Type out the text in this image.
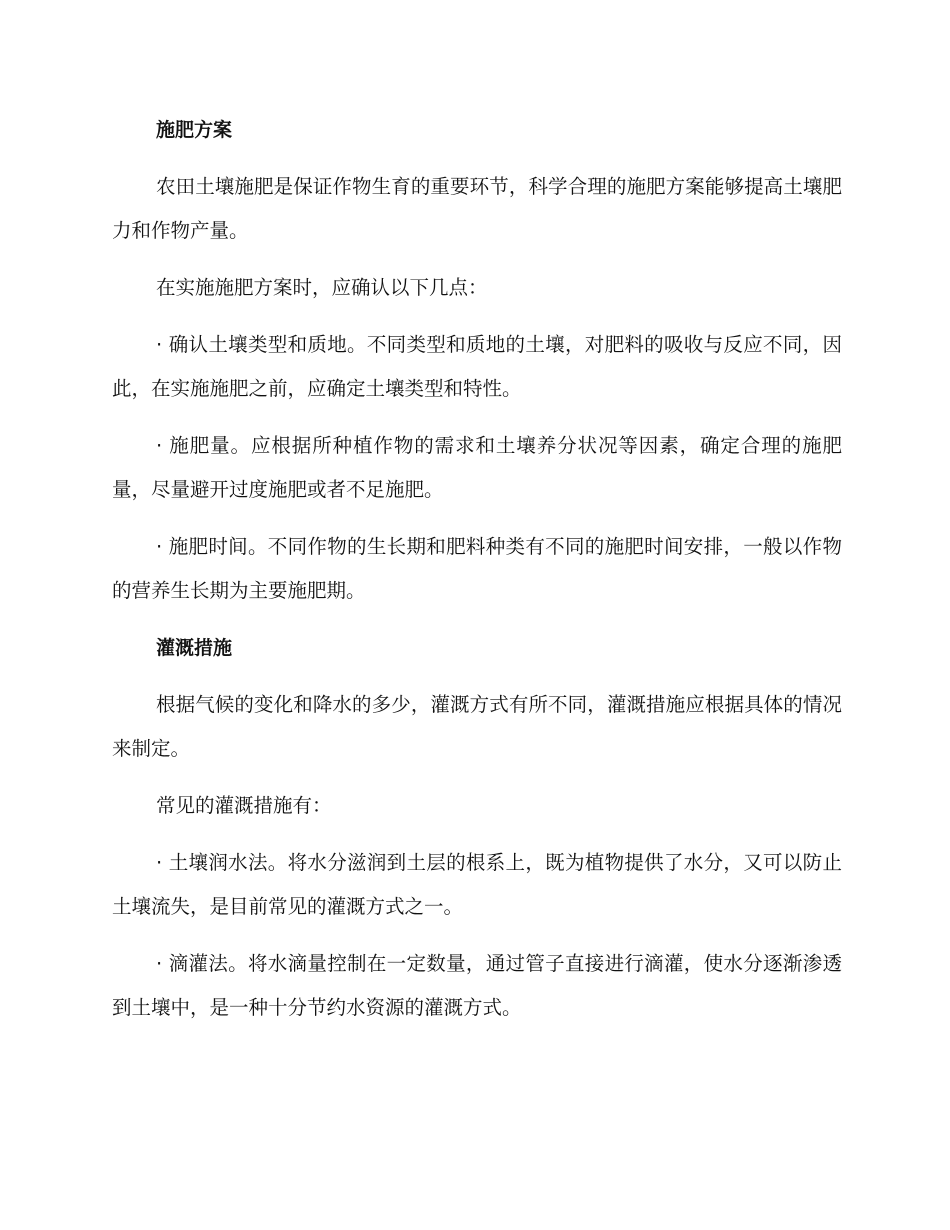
施肥方案

农田土壤施肥是保证作物生育的重要环节，科学合理的施肥方案能够提高土壤肥力和作物产量。

在实施施肥方案时，应确认以下几点：

· 确认土壤类型和质地。不同类型和质地的土壤，对肥料的吸收与反应不同，因此，在实施施肥之前，应确定土壤类型和特性。

· 施肥量。应根据所种植作物的需求和土壤养分状况等因素，确定合理的施肥量，尽量避开过度施肥或者不足施肥。

· 施肥时间。不同作物的生长期和肥料种类有不同的施肥时间安排，一般以作物的营养生长期为主要施肥期。

灌溉措施

根据气候的变化和降水的多少，灌溉方式有所不同，灌溉措施应根据具体的情况来制定。

常见的灌溉措施有：

· 土壤润水法。将水分滋润到土层的根系上，既为植物提供了水分，又可以防止土壤流失，是目前常见的灌溉方式之一。

· 滴灌法。将水滴量控制在一定数量，通过管子直接进行滴灌，使水分逐渐渗透到土壤中，是一种十分节约水资源的灌溉方式。
